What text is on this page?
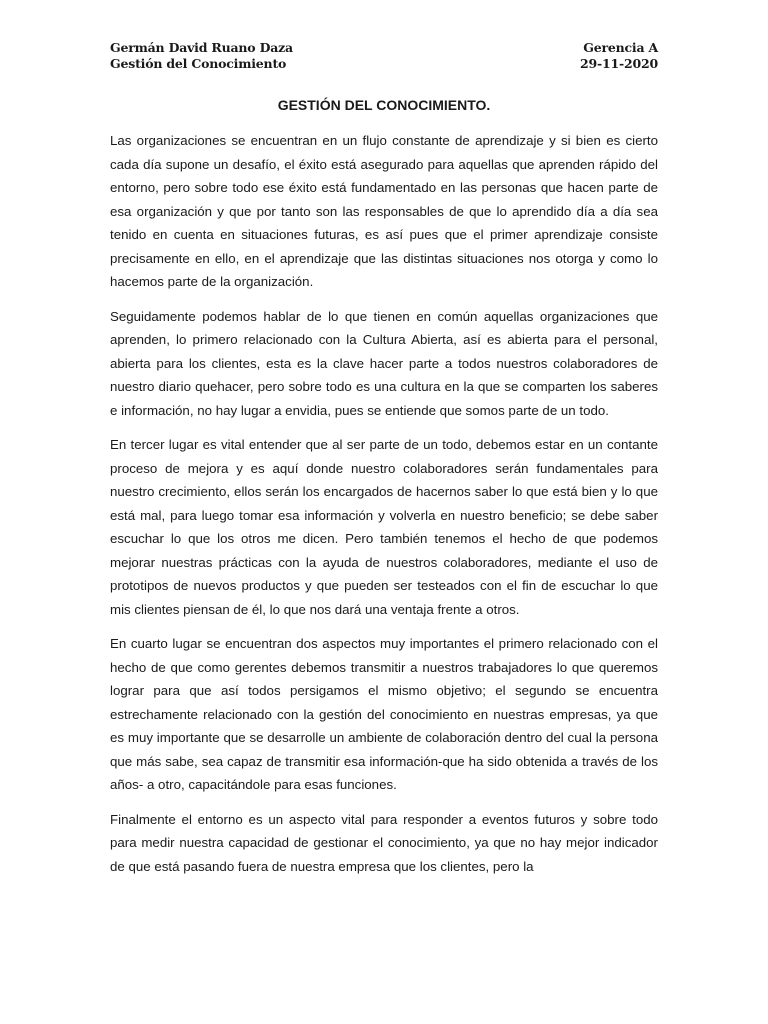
Germán David Ruano Daza
Gestión del Conocimiento
Gerencia A
29-11-2020
GESTIÓN DEL CONOCIMIENTO.

Las organizaciones se encuentran en un flujo constante de aprendizaje y si bien es cierto cada día supone un desafío, el éxito está asegurado para aquellas que aprenden rápido del entorno, pero sobre todo ese éxito está fundamentado en las personas que hacen parte de esa organización y que por tanto son las responsables de que lo aprendido día a día sea tenido en cuenta en situaciones futuras, es así pues que el primer aprendizaje consiste precisamente en ello, en el aprendizaje que las distintas situaciones nos otorga y como lo hacemos parte de la organización.

Seguidamente podemos hablar de lo que tienen en común aquellas organizaciones que aprenden, lo primero relacionado con la Cultura Abierta, así es abierta para el personal, abierta para los clientes, esta es la clave hacer parte a todos nuestros colaboradores de nuestro diario quehacer, pero sobre todo es una cultura en la que se comparten los saberes e información, no hay lugar a envidia, pues se entiende que somos parte de un todo.

En tercer lugar es vital entender que al ser parte de un todo, debemos estar en un contante proceso de mejora y es aquí donde nuestro colaboradores serán fundamentales para nuestro crecimiento, ellos serán los encargados de hacernos saber lo que está bien y lo que está mal, para luego tomar esa información y volverla en nuestro beneficio; se debe saber escuchar lo que los otros me dicen. Pero también tenemos el hecho de que podemos mejorar nuestras prácticas con la ayuda de nuestros colaboradores, mediante el uso de prototipos de nuevos productos y que pueden ser testeados con el fin de escuchar lo que mis clientes piensan de él, lo que nos dará una ventaja frente a otros.

En cuarto lugar se encuentran dos aspectos muy importantes el primero relacionado con el hecho de que como gerentes debemos transmitir a nuestros trabajadores lo que queremos lograr para que así todos persigamos el mismo objetivo; el segundo se encuentra estrechamente relacionado con la gestión del conocimiento en nuestras empresas, ya que es muy importante que se desarrolle un ambiente de colaboración dentro del cual la persona que más sabe, sea capaz de transmitir esa información-que ha sido obtenida a través de los años- a otro, capacitándole para esas funciones.

Finalmente el entorno es un aspecto vital para responder a eventos futuros y sobre todo para medir nuestra capacidad de gestionar el conocimiento, ya que no hay mejor indicador de que está pasando fuera de nuestra empresa que los clientes, pero la
